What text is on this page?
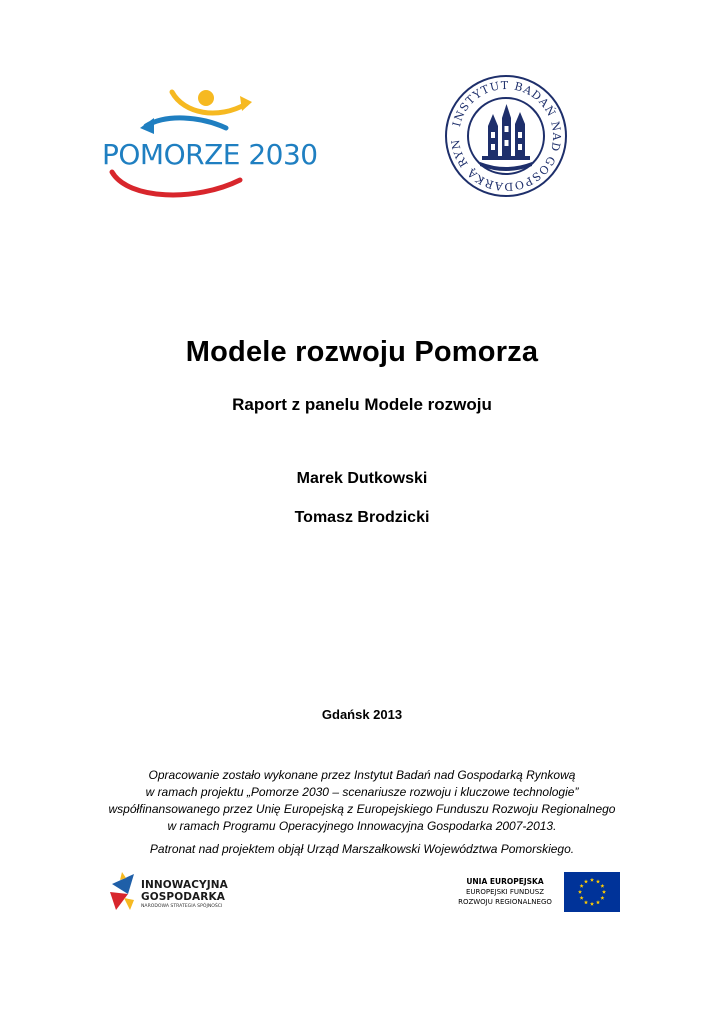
POMORZE 2030
INSTYTUT BADAŃ NAD GOSPODARKĄ RYN
Modele rozwoju Pomorza
Raport z panelu Modele rozwoju
Marek Dutkowski
Tomasz Brodzicki
Gdańsk 2013
Opracowanie zostało wykonane przez Instytut Badań nad Gospodarką Rynkową
w ramach projektu „Pomorze 2030 – scenariusze rozwoju i kluczowe technologie”
współfinansowanego przez Unię Europejską z Europejskiego Funduszu Rozwoju Regionalnego
w ramach Programu Operacyjnego Innowacyjna Gospodarka 2007-2013.
Patronat nad projektem objął Urząd Marszałkowski Województwa Pomorskiego.
INNOWACYJNA
GOSPODARKA
NARODOWA STRATEGIA SPÓJNOŚCI
UNIA EUROPEJSKA
EUROPEJSKI FUNDUSZ
ROZWOJU REGIONALNEGO
